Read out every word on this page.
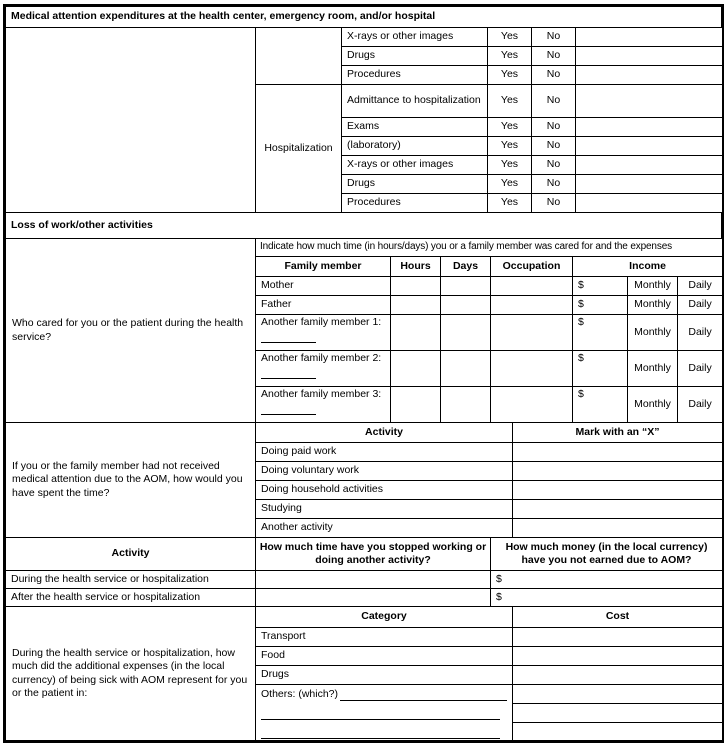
Medical attention expenditures at the health center, emergency room, and/or hospital
		X-rays or other images	Yes	No	
		Drugs	Yes	No	
		Procedures	Yes	No	
	Hospitalization	Admittance to hospitalization	Yes	No	
		Exams	Yes	No	
		(laboratory)	Yes	No	
		X-rays or other images	Yes	No	
		Drugs	Yes	No	
		Procedures	Yes	No	
Loss of work/other activities
Who cared for you or the patient during the health service?	Indicate how much time (in hours/days) you or a family member was cared for and the expenses						
	Family member	Hours	Days	Occupation	Income		
	Mother				$	Monthly	Daily
	Father				$	Monthly	Daily

	Another family member 1:				$	Monthly	Daily

	Another family member 2:				$	Monthly	Daily

	Another family member 3:				$	Monthly	Daily
If you or the family member had not received medical attention due to the AOM, how would you have spent the time?	Activity	Mark with an “X”
	Doing paid work	
	Doing voluntary work	
	Doing household activities	
	Studying	
	Another activity	
Activity	How much time have you stopped working or doing another activity?	How much money (in the local currency) have you not earned due to AOM?
During the health service or hospitalization		$
After the health service or hospitalization		$
During the health service or hospitalization, how much did the additional expenses (in the local currency) of being sick with AOM represent for you or the patient in:	Category	Cost
	Transport	
	Food	
	Drugs	

	Others: (which?)	
